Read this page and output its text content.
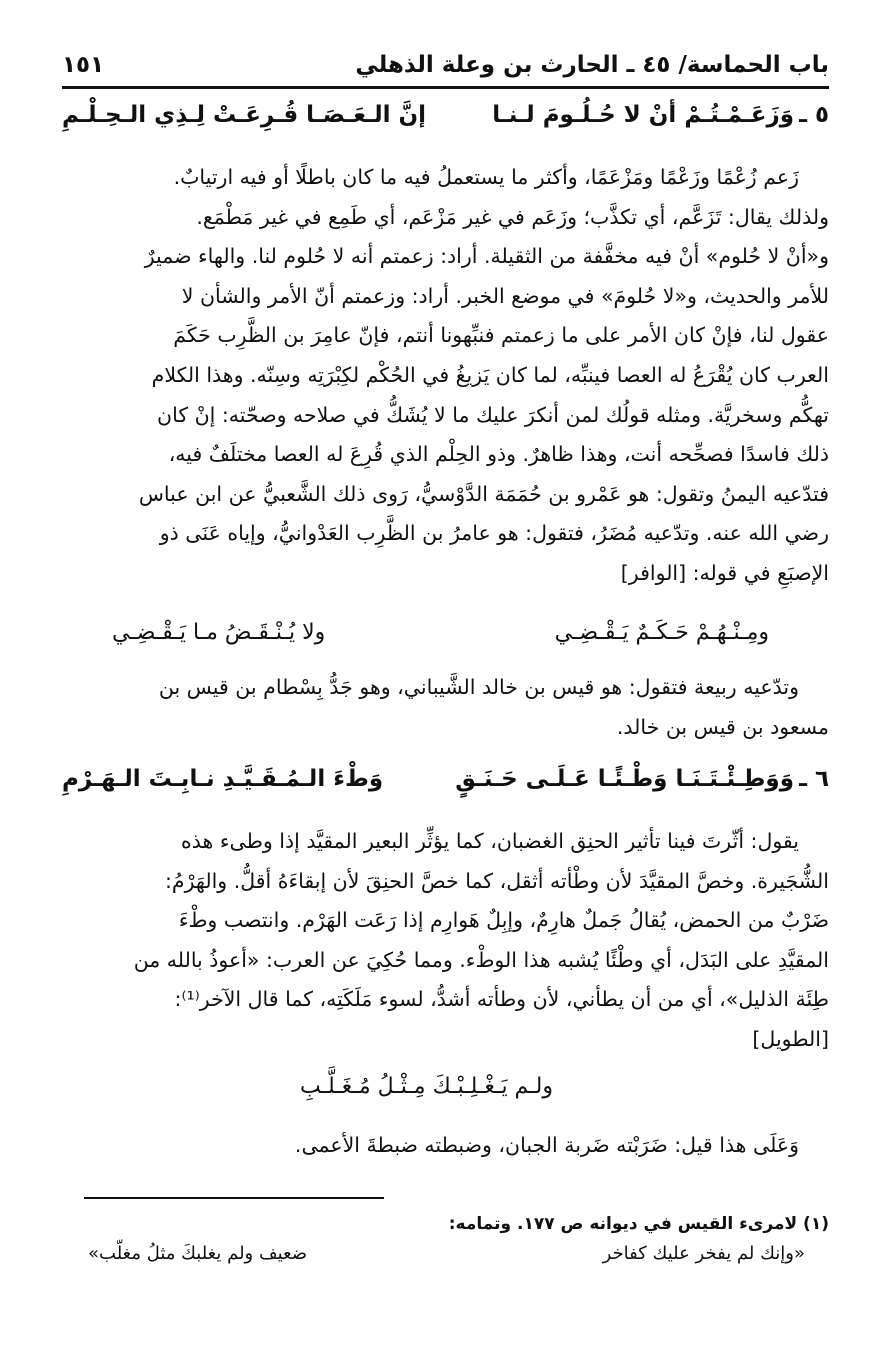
باب الحماسة/ ٤٥ ـ الحارث بن وعلة الذهلي
١٥١
٥ ـ
وَزَعَـمْـتُـمْ أنْ لا حُـلُـومَ لـنـا
إنَّ الـعَـصَـا قُـرِعَـتْ لِـذِي الـحِـلْـمِ

زَعم زُعْمًا وزَعْمًا ومَزْعَمًا، وأكثر ما يستعملُ فيه ما كان باطلًا أو فيه ارتيابٌ.

ولذلك يقال: تَزَعَّم، أي تكذَّب؛ وزَعَم في غير مَزْعَم، أي طَمِع في غير مَطْمَع.

و«أنْ لا حُلوم» أنْ فيه مخفَّفة من الثقيلة. أراد: زعمتم أنه لا حُلوم لنا. والهاء ضميرٌ

للأمر والحديث، و«لا حُلومَ» في موضع الخبر. أراد: وزعمتم أنّ الأمر والشأن لا

عقول لنا، فإنْ كان الأمر على ما زعمتم فنبِّهونا أنتم، فإنّ عامِرَ بن الظَّرِب حَكَمَ

العرب كان يُقْرَعُ له العصا فينبِّه، لما كان يَزيغُ في الحُكْم لكِبْرَتِه وسِنّه. وهذا الكلام

تهكُّم وسخريَّة. ومثله قولُك لمن أنكرَ عليك ما لا يُشَكُّ في صلاحه وصحّته: إنْ كان

ذلك فاسدًا فصحِّحه أنت، وهذا ظاهرٌ. وذو الحِلْم الذي قُرِعَ له العصا مختلَفٌ فيه،

فتدّعيه اليمنُ وتقول: هو عَمْرو بن حُمَمَة الدَّوْسيُّ، رَوى ذلك الشَّعبيُّ عن ابن عباس

رضي الله عنه. وتدّعيه مُضَرُ، فتقول: هو عامرُ بن الظَّرِب العَدْوانيُّ، وإياه عَنَى ذو

الإصبَعِ في قوله: [الوافر]

ومِـنْـهُـمْ حَـكَـمٌ يَـقْـضِـي
ولا يُـنْـقَـضُ مـا يَـقْـضِـي

وتدّعيه ربيعة فتقول: هو قيس بن خالد الشَّيباني، وهو جَدُّ بِسْطام بن قيس بن

مسعود بن قيس بن خالد.

٦ ـ
وَوَطِـئْـتَـنَـا وَطْـئًـا عَـلَـى حَـنَـقٍ
وَطْءَ الـمُـقَـيَّـدِ نـابِـتَ الـهَـرْمِ

يقول: أثّرتَ فينا تأثير الحنِق الغضبان، كما يؤثِّر البعير المقيَّد إذا وطىء هذه

الشُّجَيرة. وخصَّ المقيَّدَ لأن وطْأته أثقل، كما خصَّ الحنِقَ لأن إبقاءَهُ أقلُّ. والهَرْمُ:

ضَرْبٌ من الحمض، يُقالُ جَملٌ هارِمٌ، وإبِلٌ هَوارِم إذا رَعَت الهَرْم. وانتصب وطْءَ

المقيَّدِ على البَدَل، أي وطْئًا يُشبه هذا الوطْء. ومما حُكِيَ عن العرب: «أعوذُ بالله من

طِئَة الذليل»، أي من أن يطأني، لأن وطأته أشدُّ، لسوء مَلَكَتِه، كما قال الآخر⁽¹⁾:

[الطويل]

ولـم يَـغْـلِـبْـكَ مِـثْـلُ مُـغَـلَّـبِ

وَعَلَى هذا قيل: ضَرَبْته ضَربة الجبان، وضبطته ضبطةَ الأعمى.

(١) لامرىء القيس في ديوانه ص ١٧٧. وتمامه:
«وإنك لم يفخر عليك كفاخر
ضعيف ولم يغلبكَ مثلُ مغلّب»
